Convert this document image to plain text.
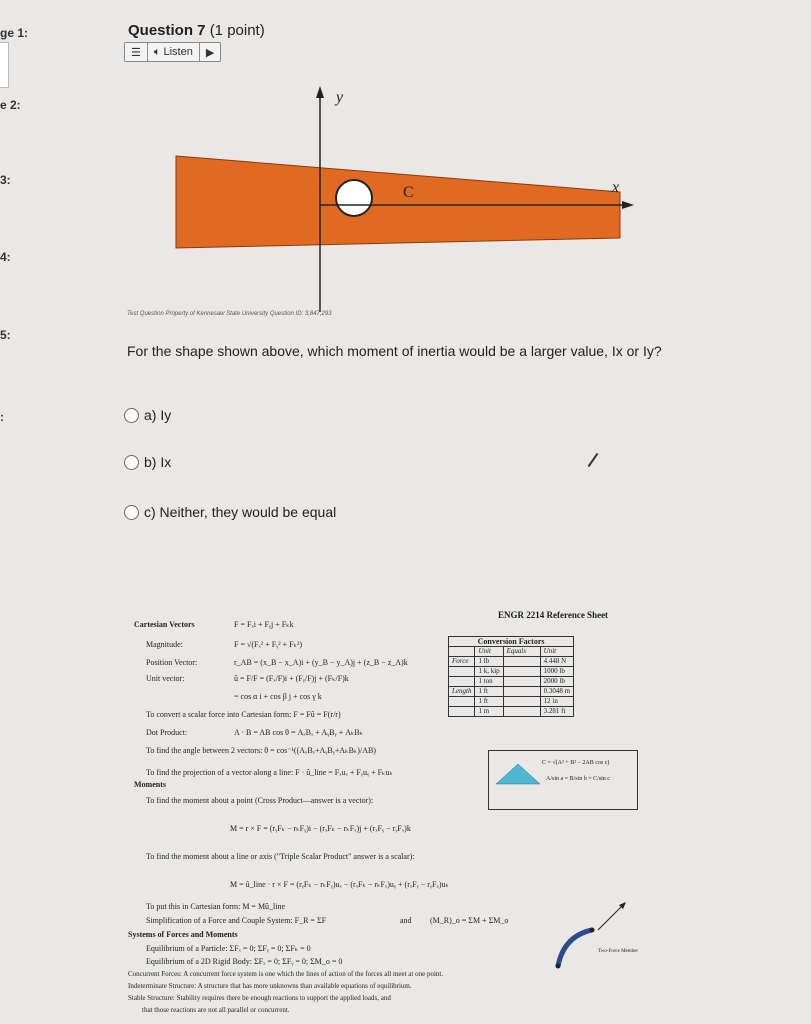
ge 1:
e 2:
3:
4:
5:
:
Question 7 (1 point)
☰	🔈︎ Listen	▶
y
x
C
Test Question Property of Kennesaw State University Question ID: 3,847,293
For the shape shown above, which moment of inertia would be a larger value, Ix or Iy?
a) Iy
b) Ix
c) Neither, they would be equal
ENGR 2214 Reference Sheet
Cartesian Vectors	F = Fₓi + Fᵧj + Fₖk
Magnitude:	F = √(Fₓ² + Fᵧ² + Fₖ²)
Position Vector:	r_AB = (x_B − x_A)i + (y_B − y_A)j + (z_B − z_A)k
Unit vector:	û = F/F = (Fₓ/F)i + (Fᵧ/F)j + (Fₖ/F)k
= cos α i + cos β j + cos γ k
To convert a scalar force into Cartesian form: F = Fû = F(r/r)
Dot Product:	A · B = AB cos θ = AₓBₓ + AᵧBᵧ + AₖBₖ
To find the angle between 2 vectors: θ = cos⁻¹((AₓBₓ+AᵧBᵧ+AₖBₖ)/AB)
To find the projection of a vector along a line: F · û_line = Fₓuₓ + Fᵧuᵧ + Fₖuₖ
Moments
To find the moment about a point (Cross Product—answer is a vector):
M = r × F = (rᵧFₖ − rₖFᵧ)i − (rₓFₖ − rₖFₓ)j + (rₓFᵧ − rᵧFₓ)k
To find the moment about a line or axis ("Triple Scalar Product" answer is a scalar):
M = û_line · r × F = (rᵧFₖ − rₖFᵧ)uₓ − (rₓFₖ − rₖFₓ)uᵧ + (rₓFᵧ − rᵧFₓ)uₖ
To put this in Cartesian form: M = Mû_line
Simplification of a Force and Couple System: F_R = ΣF	and (M_R)_o = ΣM + ΣM_o
Systems of Forces and Moments
Equilibrium of a Particle: ΣFₓ = 0; ΣFᵧ = 0; ΣFₖ = 0
Equilibrium of a 2D Rigid Body: ΣFₓ = 0; ΣFᵧ = 0; ΣM_o = 0
Concurrent Forces: A concurrent force system is one which the lines of action of the forces all meet at one point.
Indeterminate Structure: A structure that has more unknowns than available equations of equilibrium.
Stable Structure: Stability requires there be enough reactions to support the applied loads, and
that those reactions are not all parallel or concurrent.
Conversion Factors			
	Unit	Equals	Unit
Force	1 lb		4.448 N
	1 k, kip		1000 lb
	1 ton		2000 lb
Length	1 ft		0.3048 m
	1 ft		12 in
	1 m		3.281 ft
C = √(A² + B² − 2AB cos c)
A/sin a = B/sin b = C/sin c
Two-Force Member
